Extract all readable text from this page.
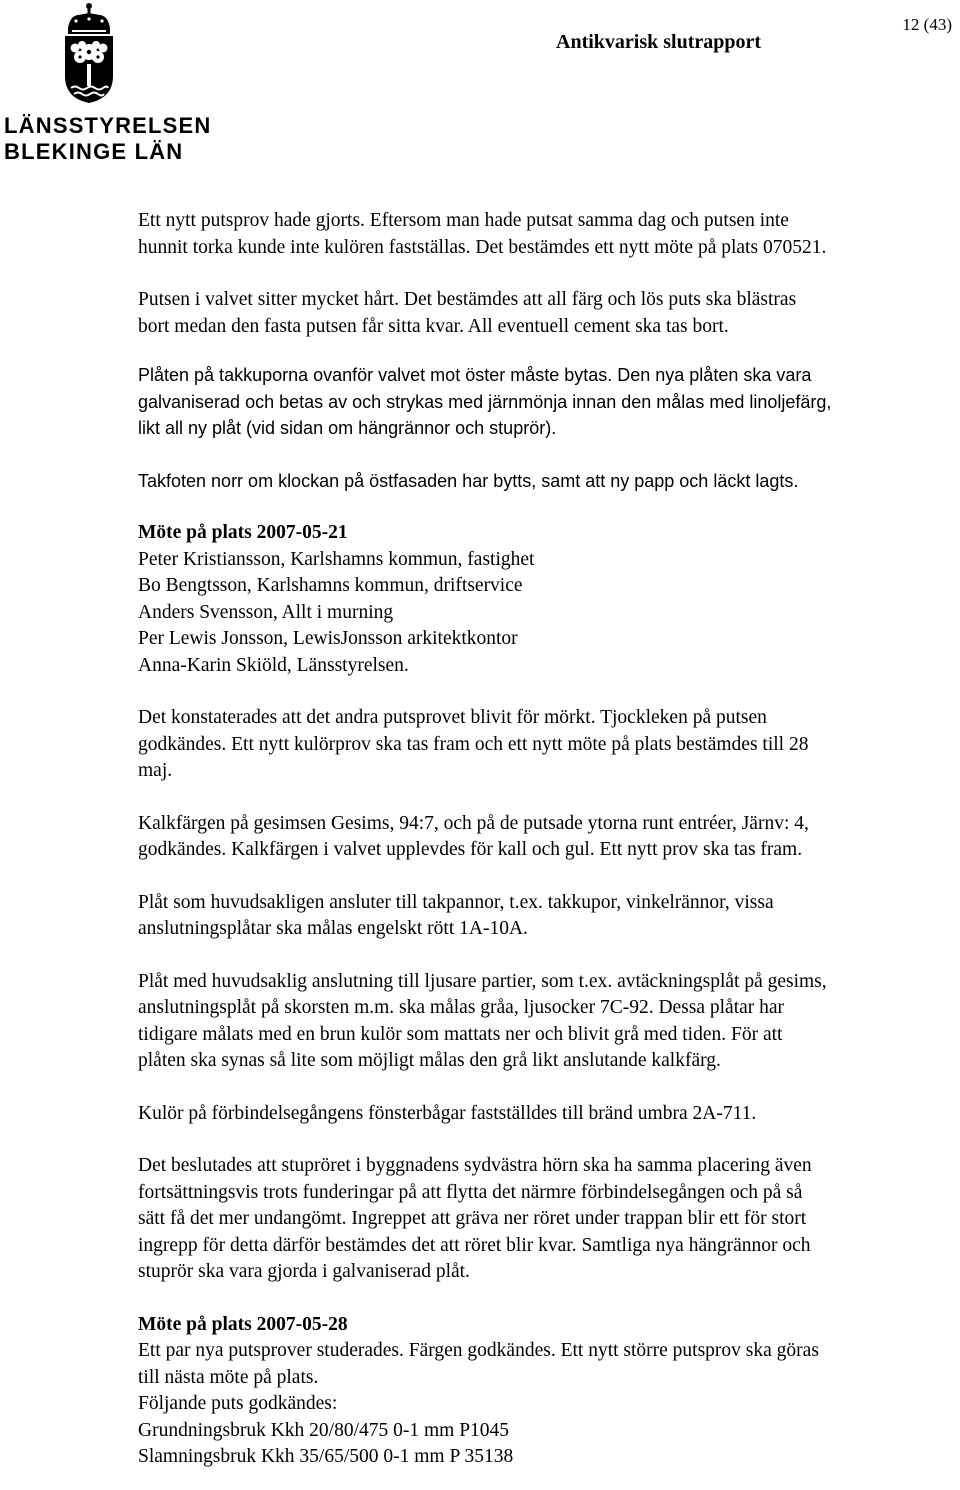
LÄNSSTYRELSEN
BLEKINGE LÄN
Antikvarisk slutrapport
12 (43)

Ett nytt putsprov hade gjorts. Eftersom man hade putsat samma dag och putsen inte
hunnit torka kunde inte kulören fastställas. Det bestämdes ett nytt möte på plats 070521.

Putsen i valvet sitter mycket hårt. Det bestämdes att all färg och lös puts ska blästras
bort medan den fasta putsen får sitta kvar. All eventuell cement ska tas bort.

Plåten på takkuporna ovanför valvet mot öster måste bytas. Den nya plåten ska vara
galvaniserad och betas av och strykas med järnmönja innan den målas med linoljefärg,
likt all ny plåt (vid sidan om hängrännor och stuprör).

Takfoten norr om klockan på östfasaden har bytts, samt att ny papp och läckt lagts.

Möte på plats 2007-05-21

Peter Kristiansson, Karlshamns kommun, fastighet
Bo Bengtsson, Karlshamns kommun, driftservice
Anders Svensson, Allt i murning
Per Lewis Jonsson, LewisJonsson arkitektkontor
Anna-Karin Skiöld, Länsstyrelsen.

Det konstaterades att det andra putsprovet blivit för mörkt. Tjockleken på putsen
godkändes. Ett nytt kulörprov ska tas fram och ett nytt möte på plats bestämdes till 28
maj.

Kalkfärgen på gesimsen Gesims, 94:7, och på de putsade ytorna runt entréer, Järnv: 4,
godkändes. Kalkfärgen i valvet upplevdes för kall och gul. Ett nytt prov ska tas fram.

Plåt som huvudsakligen ansluter till takpannor, t.ex. takkupor, vinkelrännor, vissa
anslutningsplåtar ska målas engelskt rött 1A-10A.

Plåt med huvudsaklig anslutning till ljusare partier, som t.ex. avtäckningsplåt på gesims,
anslutningsplåt på skorsten m.m. ska målas gråa, ljusocker 7C-92. Dessa plåtar har
tidigare målats med en brun kulör som mattats ner och blivit grå med tiden. För att
plåten ska synas så lite som möjligt målas den grå likt anslutande kalkfärg.

Kulör på förbindelsegångens fönsterbågar fastställdes till bränd umbra 2A-711.

Det beslutades att stupröret i byggnadens sydvästra hörn ska ha samma placering även
fortsättningsvis trots funderingar på att flytta det närmre förbindelsegången och på så
sätt få det mer undangömt. Ingreppet att gräva ner röret under trappan blir ett för stort
ingrepp för detta därför bestämdes det att röret blir kvar. Samtliga nya hängrännor och
stuprör ska vara gjorda i galvaniserad plåt.

Möte på plats 2007-05-28

Ett par nya putsprover studerades. Färgen godkändes. Ett nytt större putsprov ska göras
till nästa möte på plats.
Följande puts godkändes:
Grundningsbruk Kkh 20/80/475 0-1 mm P1045
Slamningsbruk Kkh 35/65/500 0-1 mm P 35138
